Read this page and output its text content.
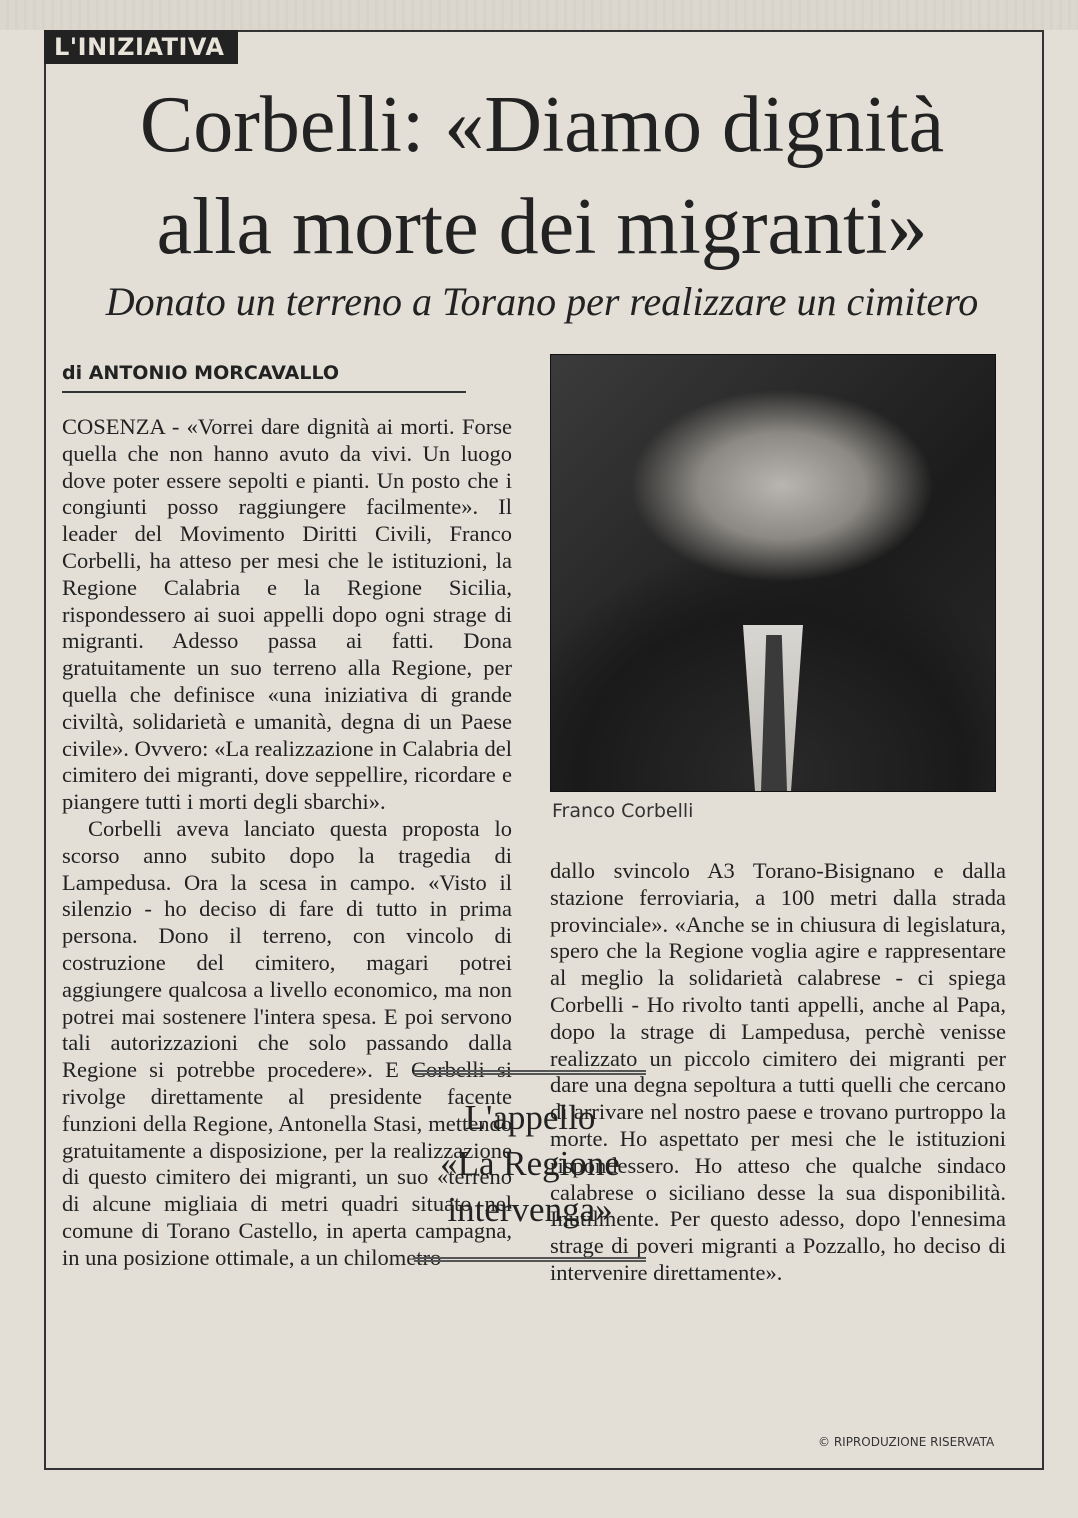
L'INIZIATIVA
Corbelli: «Diamo dignità
alla morte dei migranti»
Donato un terreno a Torano per realizzare un cimitero
di ANTONIO MORCAVALLO
Franco Corbelli

COSENZA - «Vorrei dare dignità ai morti. Forse quella che non hanno avuto da vivi. Un luogo dove poter essere sepolti e pianti. Un posto che i congiunti posso raggiungere facilmente». Il leader del Movimento Diritti Civili, Franco Corbelli, ha atteso per mesi che le istituzioni, la Regione Calabria e la Regione Sicilia, rispondessero ai suoi appelli dopo ogni strage di migranti. Adesso passa ai fatti. Dona gratuitamente un suo terreno alla Regione, per quella che definisce «una iniziativa di grande civiltà, solidarietà e umanità, degna di un Paese civile». Ovvero: «La realizzazione in Calabria del cimitero dei migranti, dove seppellire, ricordare e piangere tutti i morti degli sbarchi».

Corbelli aveva lanciato questa proposta lo scorso anno subito dopo la tragedia di Lampedusa. Ora la scesa in campo. «Visto il silenzio - ho deciso di fare di tutto in prima persona. Dono il terreno, con vincolo di costruzione del cimitero, magari potrei aggiungere qualcosa a livello economico, ma non potrei mai sostenere l'intera spesa. E poi servono tali autorizzazioni che solo passando dalla Regione si potrebbe procedere». E Corbelli si rivolge direttamente al presidente facente funzioni della Regione, Antonella Stasi, mettendo gratuitamente a disposizione, per la realizzazione di questo cimitero dei migranti, un suo «terreno di alcune migliaia di metri quadri situato nel comune di Torano Castello, in aperta campagna, in una posizione ottimale, a un chilometro

dallo svincolo A3 Torano-Bisignano e dalla stazione ferroviaria, a 100 metri dalla strada provinciale». «Anche se in chiusura di legislatura, spero che la Regione voglia agire e rappresentare al meglio la solidarietà calabrese - ci spiega Corbelli - Ho rivolto tanti appelli, anche al Papa, dopo la strage di Lampedusa, perchè venisse realizzato un piccolo cimitero dei migranti per dare una degna sepoltura a tutti quelli che cercano di arrivare nel nostro paese e trovano purtroppo la morte. Ho aspettato per mesi che le istituzioni rispondessero. Ho atteso che qualche sindaco calabrese o siciliano desse la sua disponibilità. Inutilmente. Per questo adesso, dopo l'ennesima strage di poveri migranti a Pozzallo, ho deciso di intervenire direttamente».

L'appello
«La Regione
intervenga»
© RIPRODUZIONE RISERVATA
